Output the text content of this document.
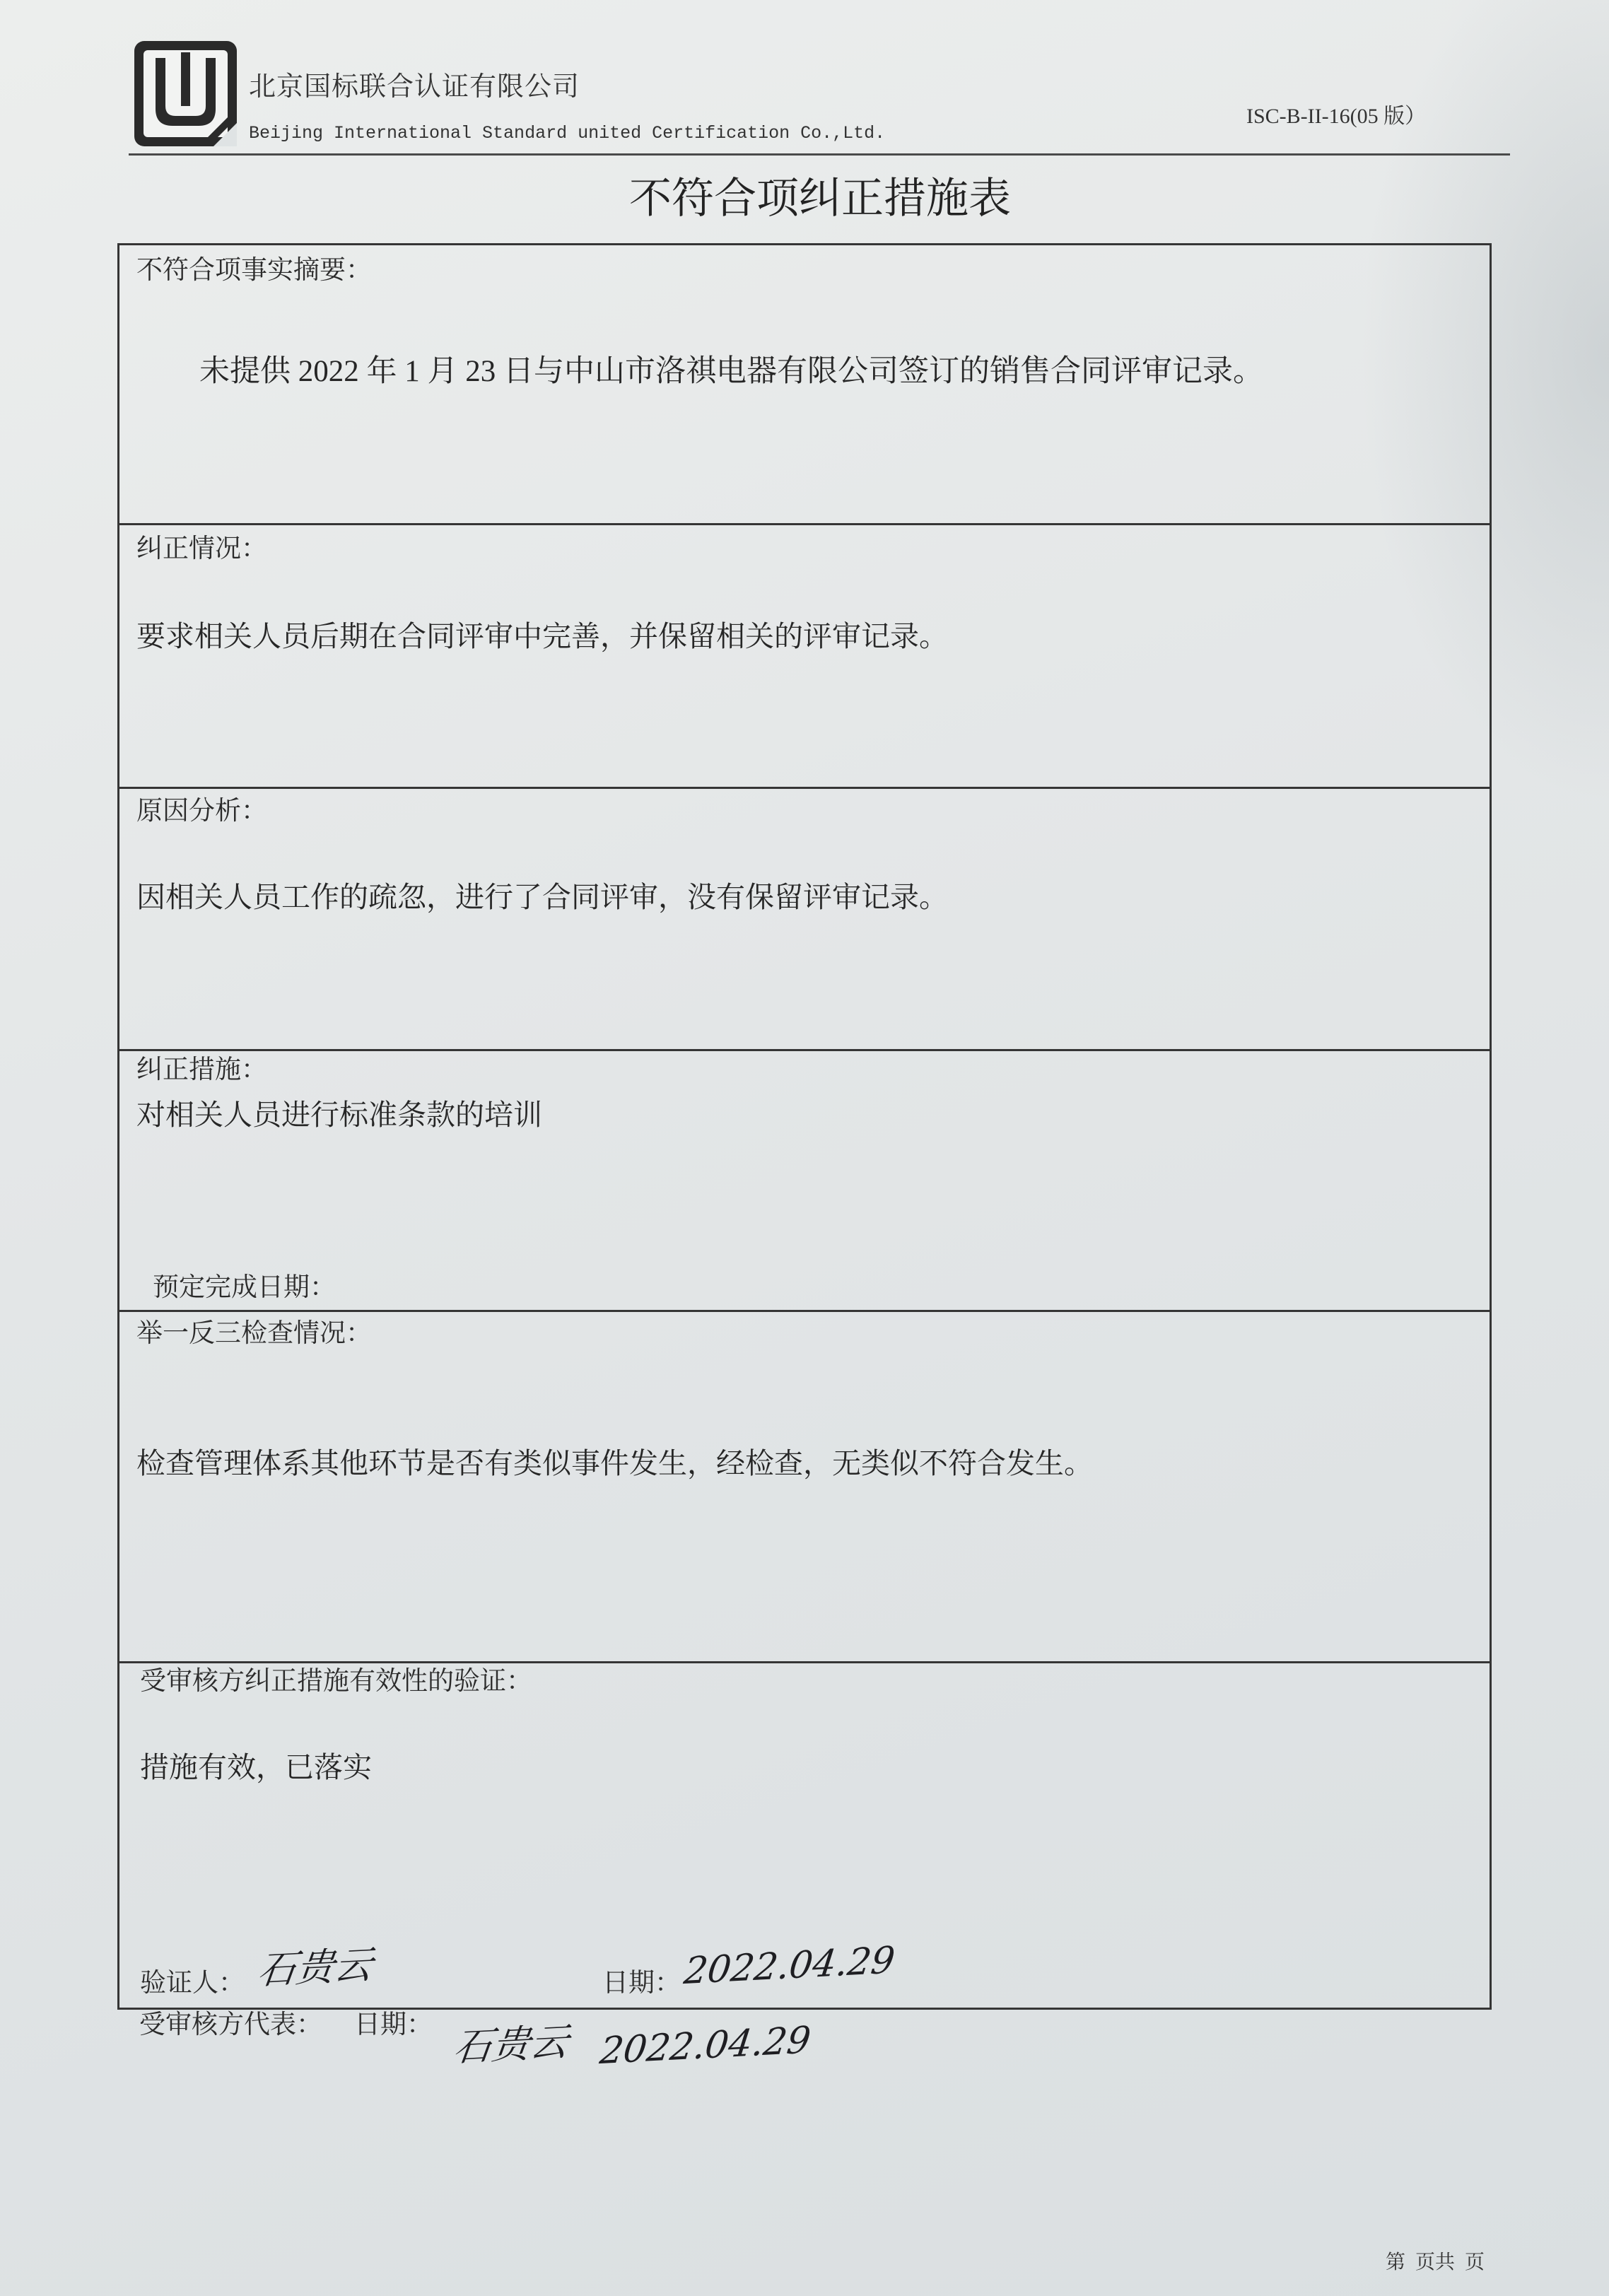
北京国标联合认证有限公司
Beijing International Standard united Certification Co.,Ltd.
ISC-B-II-16(05 版）
不符合项纠正措施表
不符合项事实摘要：
未提供 2022 年 1 月 23 日与中山市洛祺电器有限公司签订的销售合同评审记录。
纠正情况：
要求相关人员后期在合同评审中完善，并保留相关的评审记录。
原因分析：
因相关人员工作的疏忽，进行了合同评审，没有保留评审记录。
纠正措施：
对相关人员进行标准条款的培训
预定完成日期：
举一反三检查情况：
检查管理体系其他环节是否有类似事件发生，经检查，无类似不符合发生。
受审核方纠正措施有效性的验证：
措施有效，已落实
验证人： 石贵云	日期： 2022.04.29
受审核方代表： 日期： 石贵云 2022.04.29
第  页共  页
